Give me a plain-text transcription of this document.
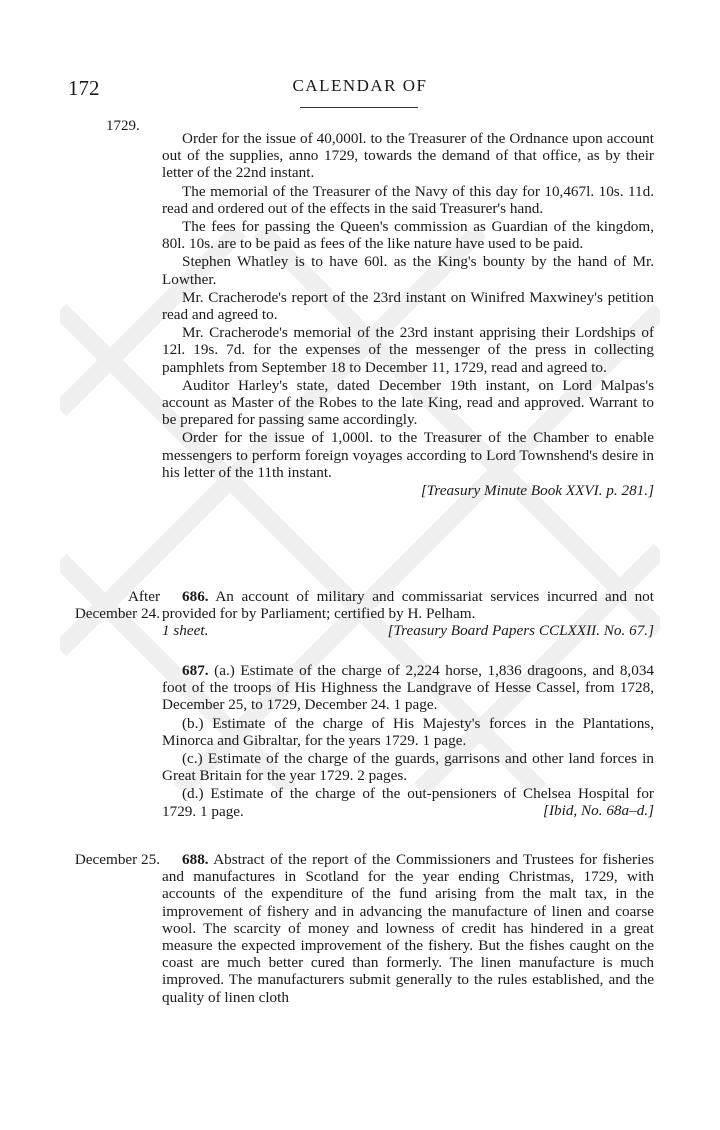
172	CALENDAR OF
1729.

Order for the issue of 40,000l. to the Treasurer of the Ordnance upon account out of the supplies, anno 1729, towards the demand of that office, as by their letter of the 22nd instant.

The memorial of the Treasurer of the Navy of this day for 10,467l. 10s. 11d. read and ordered out of the effects in the said Treasurer's hand.

The fees for passing the Queen's commission as Guardian of the kingdom, 80l. 10s. are to be paid as fees of the like nature have used to be paid.

Stephen Whatley is to have 60l. as the King's bounty by the hand of Mr. Lowther.

Mr. Cracherode's report of the 23rd instant on Winifred Maxwiney's petition read and agreed to.

Mr. Cracherode's memorial of the 23rd instant apprising their Lordships of 12l. 19s. 7d. for the expenses of the messenger of the press in collecting pamphlets from September 18 to December 11, 1729, read and agreed to.

Auditor Harley's state, dated December 19th instant, on Lord Malpas's account as Master of the Robes to the late King, read and approved. Warrant to be prepared for passing same accordingly.

Order for the issue of 1,000l. to the Treasurer of the Chamber to enable messengers to perform foreign voyages according to Lord Townshend's desire in his letter of the 11th instant.

[Treasury Minute Book XXVI. p. 281.]

After
December 24.

686. An account of military and commissariat services incurred and not provided for by Parliament; certified by H. Pelham.

1 sheet.	[Treasury Board Papers CCLXXII. No. 67.]

687. (a.) Estimate of the charge of 2,224 horse, 1,836 dragoons, and 8,034 foot of the troops of His Highness the Landgrave of Hesse Cassel, from 1728, December 25, to 1729, December 24. 1 page.

(b.) Estimate of the charge of His Majesty's forces in the Plantations, Minorca and Gibraltar, for the years 1729. 1 page.

(c.) Estimate of the charge of the guards, garrisons and other land forces in Great Britain for the year 1729. 2 pages.

(d.) Estimate of the charge of the out-pensioners of Chelsea Hospital for 1729. 1 page.	[Ibid, No. 68a–d.]

December 25.	688. Abstract of the report of the Commissioners and Trustees for fisheries and manufactures in Scotland for the year ending Christmas, 1729, with accounts of the expenditure of the fund arising from the malt tax, in the improvement of fishery and in advancing the manufacture of linen and coarse wool. The scarcity of money and lowness of credit has hindered in a great measure the expected improvement of the fishery. But the fishes caught on the coast are much better cured than formerly. The linen manufacture is much improved. The manufacturers submit generally to the rules established, and the quality of linen cloth
